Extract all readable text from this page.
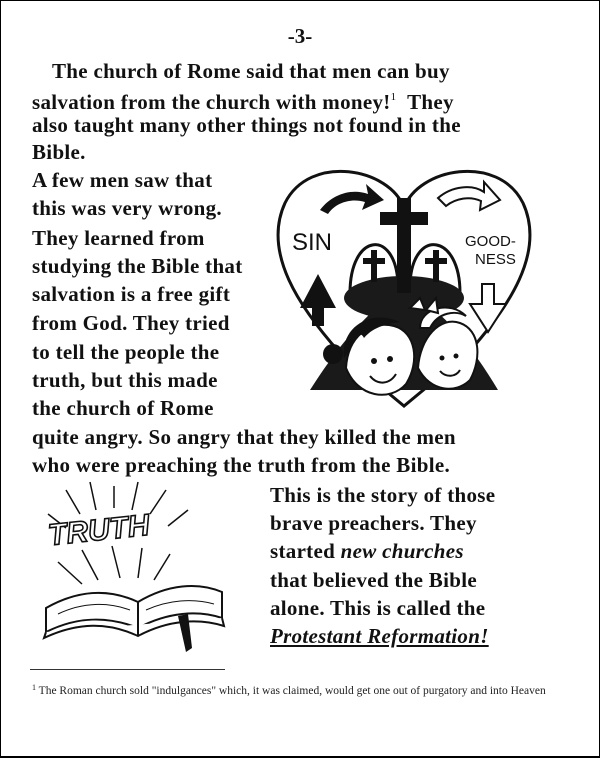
-3-
The church of Rome said that men can buy
salvation from the church with money!$^1$  They
also taught many other things not found in the
Bible.
A few men saw that
this was very wrong.
They learned from
studying the Bible that
salvation is a free gift
from God. They tried
to tell the people the
truth, but this made
the church of Rome
quite angry. So angry that they killed the men
who were preaching the truth from the Bible.
This is the story of those
brave preachers. They
started new churches
that believed the Bible
alone. This is called the
Protestant Reformation!
SIN	GOOD-
NESS
TRUTH
$^1$ The Roman church sold "indulgances" which, it was claimed, would get one out of purgatory and into Heaven
